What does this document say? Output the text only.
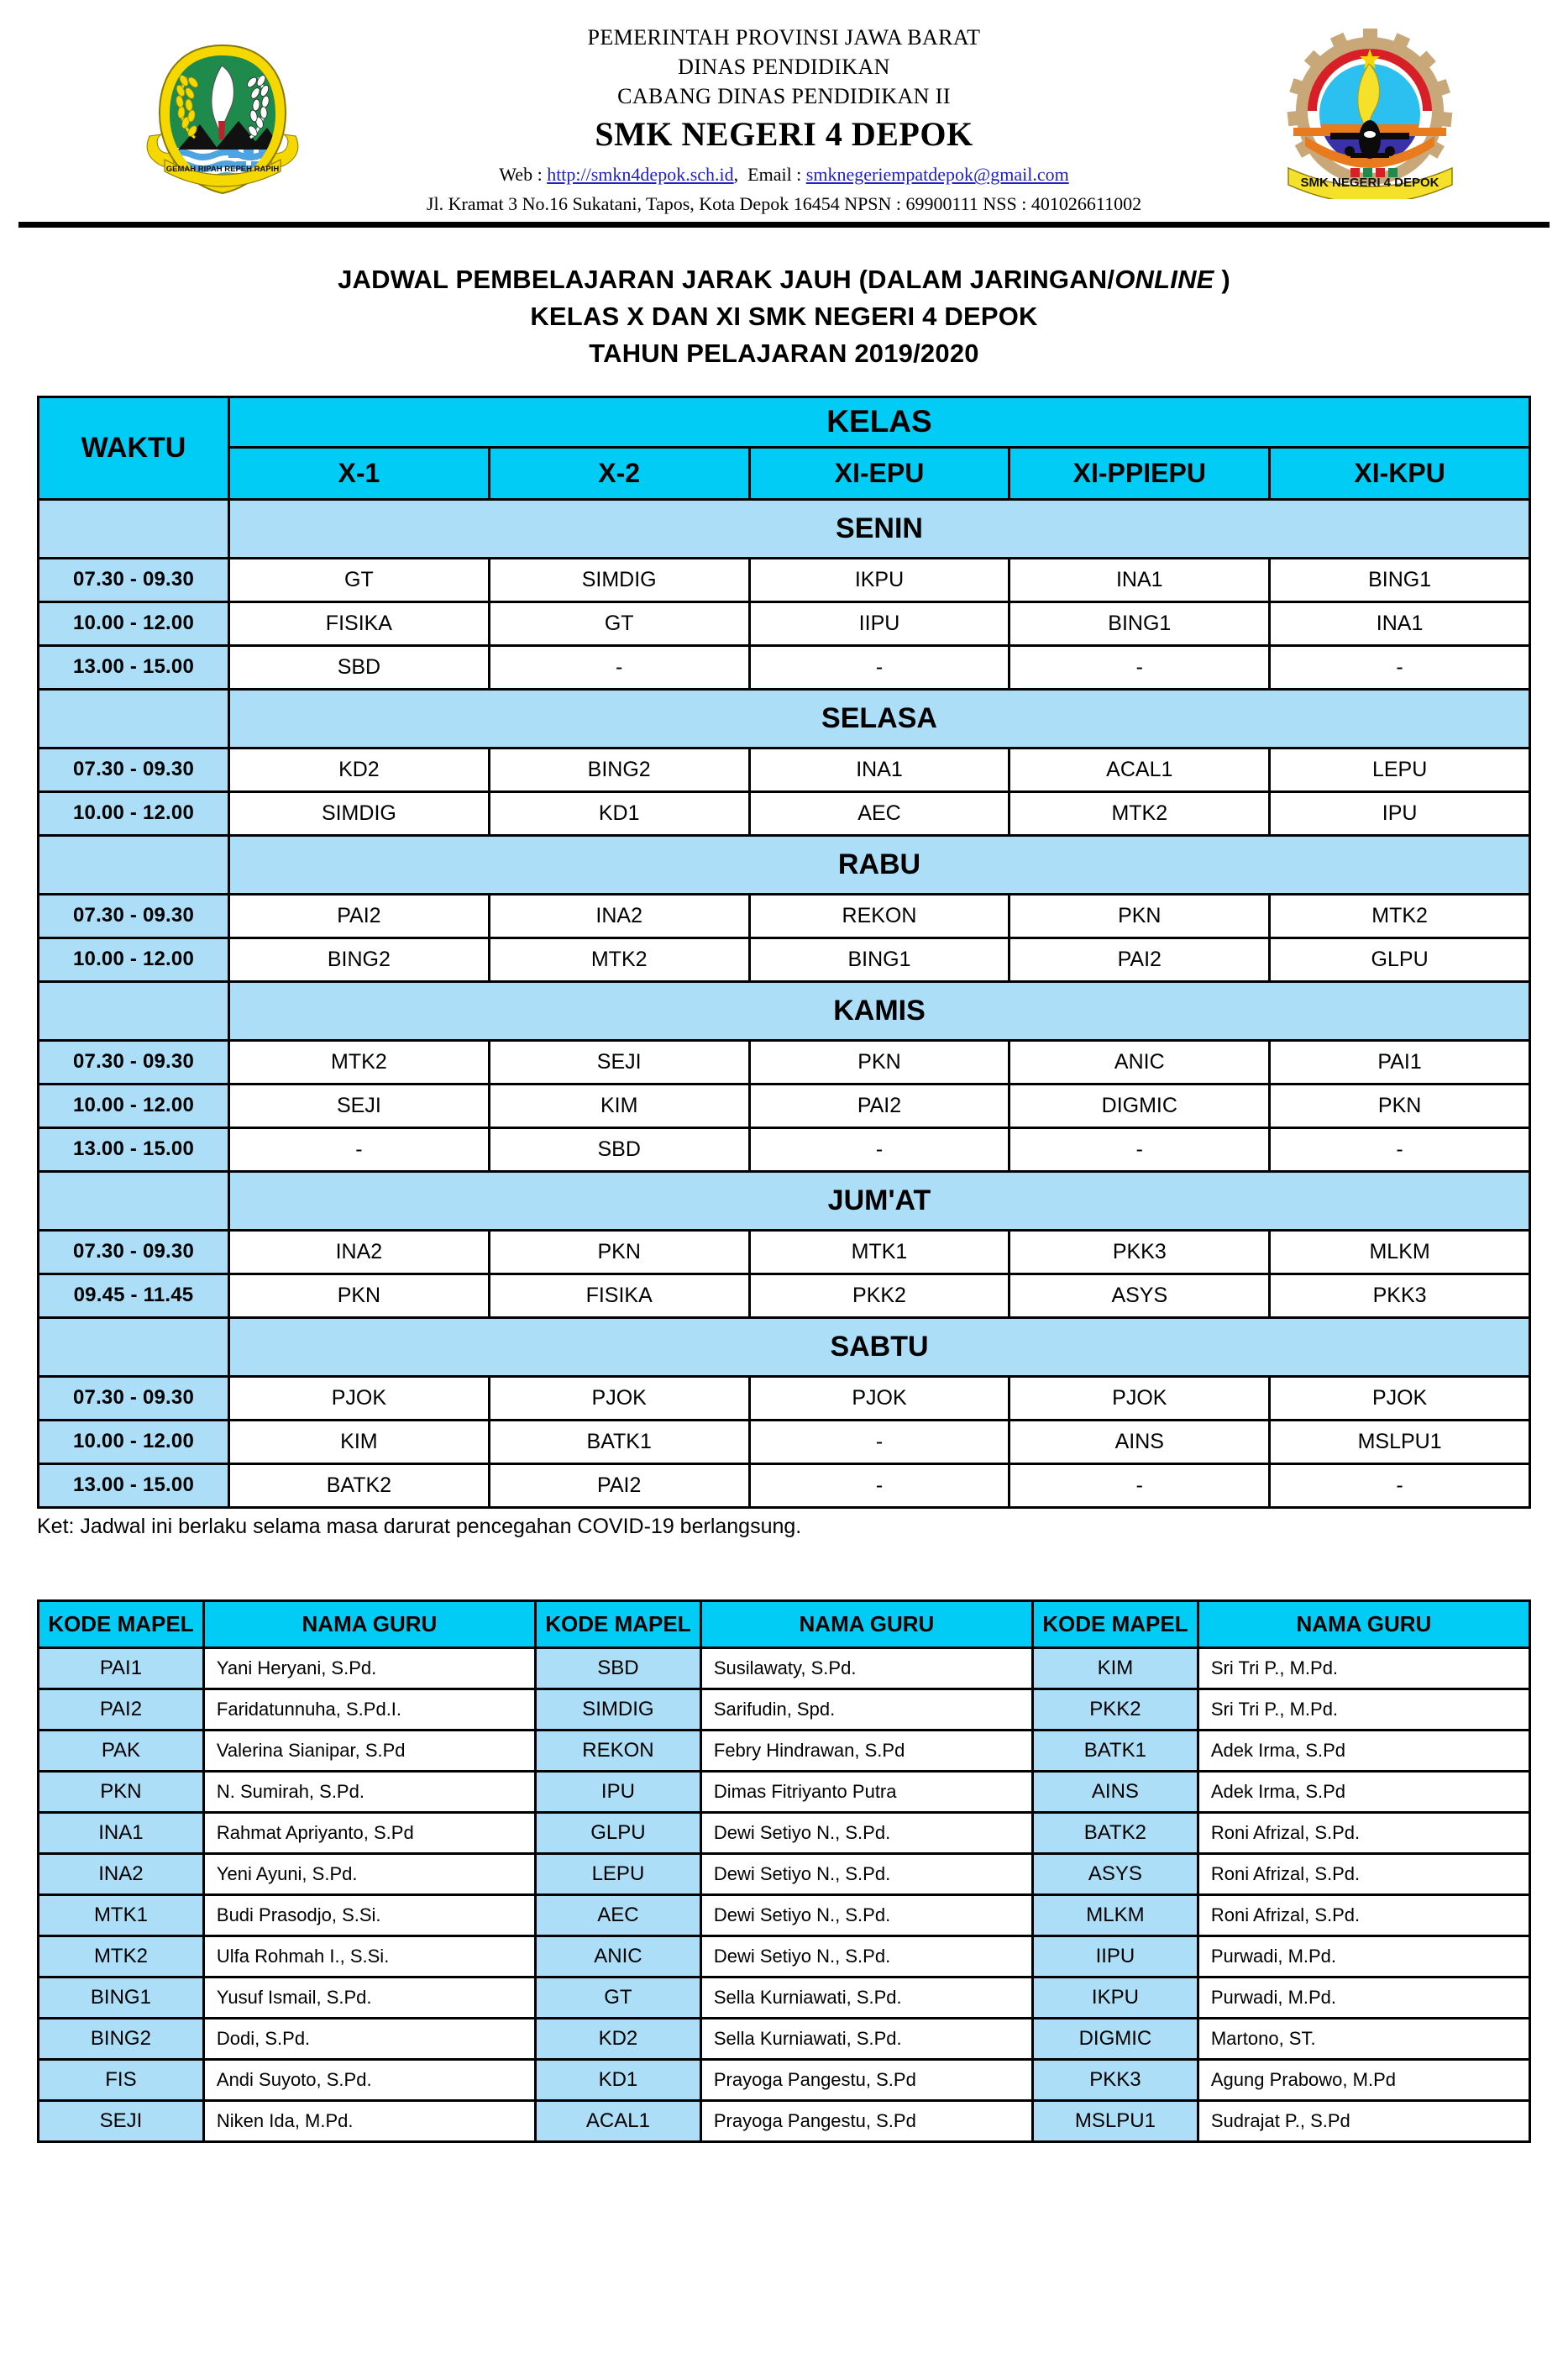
GEMAH RIPAH REPEH RAPIH
SMK NEGERI 4 DEPOK
PEMERINTAH PROVINSI JAWA BARAT
DINAS PENDIDIKAN
CABANG DINAS PENDIDIKAN II
SMK NEGERI 4 DEPOK
Web : http://smkn4depok.sch.id, Email : smknegeriempatdepok@gmail.com
Jl. Kramat 3 No.16 Sukatani, Tapos, Kota Depok 16454 NPSN : 69900111 NSS : 401026611002
JADWAL PEMBELAJARAN JARAK JAUH (DALAM JARINGAN/ONLINE )
KELAS X DAN XI SMK NEGERI 4 DEPOK
TAHUN PELAJARAN 2019/2020
WAKTU	KELAS				
	X-1	X-2	XI-EPU	XI-PPIEPU	XI-KPU
	SENIN				
07.30 - 09.30	GT	SIMDIG	IKPU	INA1	BING1
10.00 - 12.00	FISIKA	GT	IIPU	BING1	INA1
13.00 - 15.00	SBD	-	-	-	-
	SELASA				
07.30 - 09.30	KD2	BING2	INA1	ACAL1	LEPU
10.00 - 12.00	SIMDIG	KD1	AEC	MTK2	IPU
	RABU				
07.30 - 09.30	PAI2	INA2	REKON	PKN	MTK2
10.00 - 12.00	BING2	MTK2	BING1	PAI2	GLPU
	KAMIS				
07.30 - 09.30	MTK2	SEJI	PKN	ANIC	PAI1
10.00 - 12.00	SEJI	KIM	PAI2	DIGMIC	PKN
13.00 - 15.00	-	SBD	-	-	-
	JUM'AT				
07.30 - 09.30	INA2	PKN	MTK1	PKK3	MLKM
09.45 - 11.45	PKN	FISIKA	PKK2	ASYS	PKK3
	SABTU				
07.30 - 09.30	PJOK	PJOK	PJOK	PJOK	PJOK
10.00 - 12.00	KIM	BATK1	-	AINS	MSLPU1
13.00 - 15.00	BATK2	PAI2	-	-	-
Ket: Jadwal ini berlaku selama masa darurat pencegahan COVID-19 berlangsung.
KODE MAPEL	NAMA GURU	KODE MAPEL	NAMA GURU	KODE MAPEL	NAMA GURU
PAI1	Yani Heryani, S.Pd.	SBD	Susilawaty, S.Pd.	KIM	Sri Tri P., M.Pd.
PAI2	Faridatunnuha, S.Pd.I.	SIMDIG	Sarifudin, Spd.	PKK2	Sri Tri P., M.Pd.
PAK	Valerina Sianipar, S.Pd	REKON	Febry Hindrawan, S.Pd	BATK1	Adek Irma, S.Pd
PKN	N. Sumirah, S.Pd.	IPU	Dimas Fitriyanto Putra	AINS	Adek Irma, S.Pd
INA1	Rahmat Apriyanto, S.Pd	GLPU	Dewi Setiyo N., S.Pd.	BATK2	Roni Afrizal, S.Pd.
INA2	Yeni Ayuni, S.Pd.	LEPU	Dewi Setiyo N., S.Pd.	ASYS	Roni Afrizal, S.Pd.
MTK1	Budi Prasodjo, S.Si.	AEC	Dewi Setiyo N., S.Pd.	MLKM	Roni Afrizal, S.Pd.
MTK2	Ulfa Rohmah I., S.Si.	ANIC	Dewi Setiyo N., S.Pd.	IIPU	Purwadi, M.Pd.
BING1	Yusuf Ismail, S.Pd.	GT	Sella Kurniawati, S.Pd.	IKPU	Purwadi, M.Pd.
BING2	Dodi, S.Pd.	KD2	Sella Kurniawati, S.Pd.	DIGMIC	Martono, ST.
FIS	Andi Suyoto, S.Pd.	KD1	Prayoga Pangestu, S.Pd	PKK3	Agung Prabowo, M.Pd
SEJI	Niken Ida, M.Pd.	ACAL1	Prayoga Pangestu, S.Pd	MSLPU1	Sudrajat P., S.Pd
